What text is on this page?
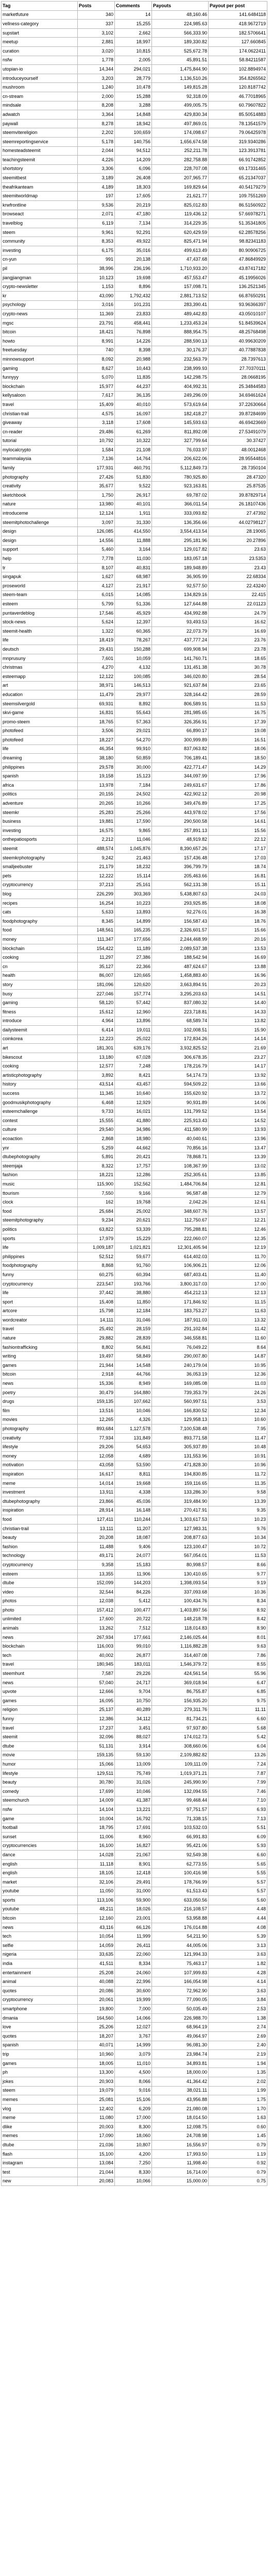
Tag	Posts	Comments	Payouts	Payout per post
marketfuture	340	14	48,160.46	141.6484118
vellness-category	337	15,255	224,985.63	418.9672719
supstart	3,102	2,662	566,333.90	182.5706641
meetup	2,881	18,997	189,330.82	127.660845
curation	3,020	10,815	525,672.78	174.0622411
nsfw	1,778	2,005	45,891.51	58.84211587
utopian-io	14,344	294,021	1,475,844.90	102.8894974
introduceyourself	3,203	28,779	1,136,510.26	354.8265562
mushroom	1,240	10,478	149,815.28	120.8187742
cn-stream	2,000	15,288	92,318.09	46.77018965
mindsale	8,208	3,288	499,005.75	60.79607822
adwatch	3,364	14,848	429,830.34	85.50514883
paywall	8,278	18,942	497,869.01	78.13541579
steemvitereligion	2,202	100,659	174,098.67	79.06425978
steemreportingservice	5,178	140,756	1,656,674.58	319.9340286
homesteadsteemit	2,044	94,512	252,211.78	123.3913781
teachingsteemit	4,226	14,209	282,758.88	66.91742852
shortstory	3,306	6,096	228,707.08	69.17331465
steemitbest	3,189	26,408	207,965.77	65.21347037
theafrikanteam	4,189	18,303	169,829.64	40.54179279
steemitworldmap	197	17,605	21,621.77	109.7551269
krwfrontline	9,536	20,219	825,012.83	86.51560922
browseact	2,071	47,180	119,436.12	57.66978271
travelblog	6,119	7,134	314,229.35	51.35341805
steem	9,961	92,291	620,429.59	62.28578256
community	8,353	49,922	825,471.94	98.82341183
investing	6,175	35,016	499,613.49	80.90906725
cn-yun	991	20,138	47,437.68	47.86849929
pil	38,996	236,196	1,710,933.20	43.87417182
jiangjiangman	10,123	19,698	457,553.47	45.19956026
crypto-newsletter	1,153	8,896	157,098.71	136.2521345
kr	43,090	1,792,432	2,881,713.52	66.87650291
psychology	3,016	101,231	283,390.41	93.96366397
crypto-news	11,369	23,833	489,442.83	43.05010107
mgsc	23,791	458,441	1,233,453.24	51.84539624
bitcoin	18,421	76,898	888,954.75	48.25768498
howto	8,991	14,226	288,590.13	40.99630209
freetuesday	740	8,398	30,176.37	40.77887838
minnowsupport	8,092	20,988	232,563.79	28.7397613
gaming	8,627	10,443	238,999.93	27.70370111
funnyyy	5,070	11,835	142,298.75	28.0668195
blockchain	15,977	44,237	404,992.31	25.34844583
kellysaloon	7,617	36,135	249,296.09	34.69461624
travel	15,409	40,010	573,619.64	37.22630664
christian-trail	4,575	16,097	182,418.27	39.87284699
giveaway	3,118	17,608	145,593.63	46.69423669
cn-reader	29,486	61,269	811,892.08	27.53491079
tutorial	10,792	10,322	327,799.64	30.37427
mylocalcrypto	1,584	21,108	76,033.97	48.0012468
teammalaysia	7,136	14,764	206,622.06	28.95544816
family	177,931	460,791	5,112,849.73	28.7350104
photography	27,426	51,830	780,925.80	28.47320
creativity	35,677	9,522	923,163.81	25.87535
sketchbook	1,750	26,917	69,787.02	39.87829714
nature	13,980	40,101	366,011.54	26.18107436
introduceme	12,124	1,911	333,093.82	27.47392
steemitphotochallenge	3,097	31,330	136,356.66	44.02798127
design	126,085	414,550	3,554,413.54	28.19065
design	14,556	11,888	295,181.96	20.27896
support	5,460	3,164	129,017.82	23.63
help	7,778	11,030	183,057.18	23.5353
tr	8,107	40,831	189,948.89	23.43
singapuk	1,627	68,987	36,905.99	22.68334
proseworld	4,127	21,917	92,577.50	22.43240
steem-team	6,015	14,085	134,829.16	22.415
esteem	5,799	51,336	127,644.88	22.01123
puntaverdeblog	17,546	45,929	434,992.88	24.79
stock-news	5,624	12,397	93,493.53	16.62
steemit-health	1,322	60,365	22,073.79	16.69
life	18,419	78,267	437,777.24	23.76
deutsch	29,431	150,288	699,908.94	23.78
mnprusuny	7,601	10,059	141,760.71	18.65
christmas	4,270	4,132	131,451.38	30.78
esteemapp	12,122	100,085	346,020.80	28.54
art	38,971	146,513	921,637.84	23.65
education	11,479	29,977	328,164.42	28.59
steemsilvergold	69,931	8,892	806,589.91	11.53
skvi-game	16,831	55,643	281,985.65	16.75
promo-steem	18,765	57,363	326,356.91	17.39
photofeed	3,506	29,021	66,890.17	19.08
photofeed	18,227	54,270	300,999.89	16.51
life	46,354	99,910	837,063.82	18.06
dreaming	38,180	50,859	706,189.41	18.50
philippines	29,578	30,000	422,771.47	14.29
spanish	19,158	15,123	344,097.99	17.96
africa	13,978	7,184	249,631.67	17.86
politics	20,155	24,502	422,902.12	20.98
adventure	20,265	10,266	349,476.89	17.25
steemkr	25,283	25,266	443,978.02	17.56
business	19,881	17,590	290,500.58	14.61
investing	16,575	9,865	257,891.13	15.56
onthepatiosports	2,212	11,046	48,919.82	22.12
steemit	488,574	1,045,876	8,390,657.26	17.17
steemkrphotography	9,242	21,463	157,436.48	17.03
smalljeebuster	21,179	18,232	396,799.79	18.74
pets	12,222	15,114	205,463.66	16.81
cryptocurrency	37,213	25,161	562,131.38	15.11
blog	226,299	303,369	5,438,807.63	24.03
recipes	16,254	10,223	293,925.85	18.08
cats	5,633	13,893	92,276.01	16.38
foodphotography	8,345	14,899	156,587.43	18.76
food	148,561	165,235	2,326,601.57	15.66
money	111,347	177,656	2,244,468.99	20.16
blockchain	154,422	11,189	2,089,537.38	13.53
cooking	11,297	27,386	188,542.94	16.69
cn	35,127	22,366	487,624.67	13.88
health	86,007	120,665	1,458,883.40	16.96
story	181,096	120,620	3,663,894.91	20.23
busy	227,046	157,774	3,295,203.63	14.51
gaming	58,120	57,442	837,080.32	14.40
fitness	15,612	12,960	223,718.81	14.33
introduce	4,964	13,896	68,589.74	13.82
dailysteemit	6,414	19,011	102,008.51	15.90
coinkorea	12,223	25,022	172,834.26	14.14
art	181,301	639,176	3,932,825.52	21.69
bikescout	13,180	67,028	306,678.35	23.27
cooking	12,577	7,248	178,216.79	14.17
artisticphotography	3,892	8,421	54,174.73	13.92
history	43,514	43,457	594,509.22	13.66
success	11,345	10,640	155,620.92	13.72
goodmusikphotography	6,468	12,929	90,931.89	14.06
esteemchallenge	9,733	16,021	131,799.52	13.54
contest	15,555	41,880	225,913.43	14.52
culture	29,540	34,986	411,580.99	13.93
ecoaction	2,868	18,980	40,040.61	13.96
ynr	5,259	44,662	70,856.16	13.47
dtubephotography	5,891	20,421	78,868.71	13.39
steemjaja	8,322	17,757	108,367.99	13.02
fashion	18,221	12,286	252,305.61	13.85
music	115,900	152,562	1,484,706.84	12.81
ttourism	7,550	9,166	96,587.48	12.79
clock	162	19,768	2,042.26	12.61
food	25,684	25,002	348,607.76	13.57
steemitphotography	9,234	20,621	112,750.67	12.21
politics	63,822	53,339	795,288.81	12.46
sports	17,979	15,229	222,060.07	12.35
life	1,009,187	1,021,821	12,301,405.94	12.19
philippines	52,512	59,677	614,402.03	11.70
foodphotography	8,868	91,760	106,906.21	12.06
funny	60,275	60,394	687,403.41	11.40
cryptocurrency	223,547	193,766	3,800,317.03	17.00
life	37,442	38,880	454,212.13	12.13
sport	15,408	11,850	171,846.92	11.15
artcore	15,798	12,184	183,753.27	11.63
wordcreator	14,111	31,046	187,911.03	13.32
travel	25,492	28,159	291,102.84	11.42
nature	29,882	28,839	346,558.81	11.60
fashiontrafficking	8,802	56,841	76,049.22	8.64
writing	19,497	58,849	290,007.80	14.87
games	21,944	14,548	240,179.04	10.95
bitcoin	2,918	44,766	36,053.19	12.36
news	15,336	8,949	169,085.08	11.03
poetry	30,479	164,880	739,353.79	24.26
drugs	159,135	107,662	560,997.51	3.53
film	13,516	10,046	166,830.52	12.34
movies	12,265	4,326	129,958.13	10.60
photography	893,684	1,127,578	7,100,538.48	7.95
creativity	77,934	131,849	893,771.58	11.47
lifestyle	29,206	54,653	305,937.89	10.48
money	12,058	4,689	131,553.96	10.91
motivation	43,058	53,590	471,828.30	10.96
inspiration	16,617	8,811	194,830.85	11.72
meme	14,014	19,668	159,116.65	11.35
investment	13,911	4,338	133,286.30	9.58
dtubephotography	23,866	45,036	319,484.90	13.39
inspiration	28,914	16,148	270,417.91	9.35
food	127,411	110,244	1,303,617.53	10.23
christian-trail	13,111	11,207	127,983.31	9.76
beauty	20,208	18,087	208,877.63	10.34
fashion	11,488	9,406	123,100.47	10.72
technology	49,171	24,077	567,054.01	11.53
cryptocurrency	9,358	15,183	80,998.57	8.66
esteem	13,355	11,906	130,410.65	9.77
dtube	152,099	144,203	1,398,093.54	9.19
video	32,544	84,226	337,093.68	10.36
photos	12,038	5,412	100,434.76	8.34
photo	157,412	100,477	1,403,897.56	8.92
unlimited	17,600	20,722	148,218.78	8.42
animals	13,262	7,512	118,014.83	8.90
news	267,934	177,661	2,146,025.44	8.01
blockchain	116,003	99,010	1,116,882.28	9.63
tech	40,002	26,877	314,407.08	7.86
travel	180,945	183,011	1,546,379.72	8.55
steemhunt	7,587	29,226	424,561.54	55.96
news	57,040	24,717	369,018.94	6.47
upvote	12,666	9,704	86,755.87	6.85
games	16,095	10,750	156,935.20	9.75
religion	25,137	40,289	279,311.76	11.11
funny	12,386	34,112	81,734.21	6.60
travel	17,237	3,451	97,937.80	5.68
steemit	32,096	88,027	174,012.73	5.42
dtube	51,131	3,914	308,660.06	6.04
movie	159,135	59,130	2,109,882.82	13.26
humor	15,066	13,009	109,111.09	7.24
lifestyle	129,511	75,749	1,019,371.21	7.87
beauty	30,780	31,026	245,990.90	7.99
comedy	17,699	10,046	132,094.55	7.46
steemchurch	14,009	41,387	99,468.44	7.10
nsfw	14,104	13,221	97,751.57	6.93
game	10,004	16,792	71,338.15	7.13
football	18,795	17,691	103,532.03	5.51
sunset	11,006	8,960	66,991.83	6.09
cryptocurrencies	16,100	16,827	95,421.06	5.93
dance	14,028	21,067	92,549.38	6.60
english	11,118	8,901	62,773.55	5.65
english	18,105	12,418	100,416.98	5.55
market	32,106	29,491	178,766.99	5.57
youtube	11,050	31,000	61,513.43	5.57
sports	113,106	59,900	633,050.56	5.60
youtube	48,211	18,026	216,108.57	4.48
bitcoin	12,160	23,001	53,958.88	4.44
news	43,116	66,126	176,014.88	4.08
tech	10,054	11,999	54,211.90	5.39
selfie	14,059	26,411	44,005.06	3.13
nigeria	33,635	22,060	121,994.33	3.63
india	41,511	8,334	75,463.17	1.82
entertainment	25,208	24,060	107,999.83	4.28
animal	40,088	22,996	166,054.98	4.14
quotes	20,086	30,600	72,962.90	3.63
cryptocurrency	20,061	19,999	77,090.05	3.84
smartphone	19,800	7,000	50,035.49	2.53
dmania	164,560	14,066	226,988.70	1.38
love	25,206	12,027	68,964.19	2.74
quotes	18,207	3,767	49,064.97	2.69
spanish	40,071	14,999	96,081.30	2.40
trip	10,960	3,079	23,984.74	2.19
games	18,005	11,010	34,893.81	1.94
ph	13,300	4,500	18,000.00	1.35
jokes	20,903	8,066	41,364.42	2.02
steem	19,079	9,016	38,021.11	1.99
memes	25,081	15,106	43,956.88	1.75
vlog	12,402	6,209	21,080.08	1.70
meme	11,080	17,000	18,014.50	1.63
dlike	20,003	8,300	12,098.75	0.60
memes	17,090	18,060	24,708.98	1.45
dtube	21,036	10,807	16,556.97	0.79
flash	15,100	4,200	17,993.50	1.19
instagram	13,084	7,250	11,998.40	0.92
test	21,044	8,330	16,714.00	0.79
new	20,083	10,066	15,000.00	0.75
